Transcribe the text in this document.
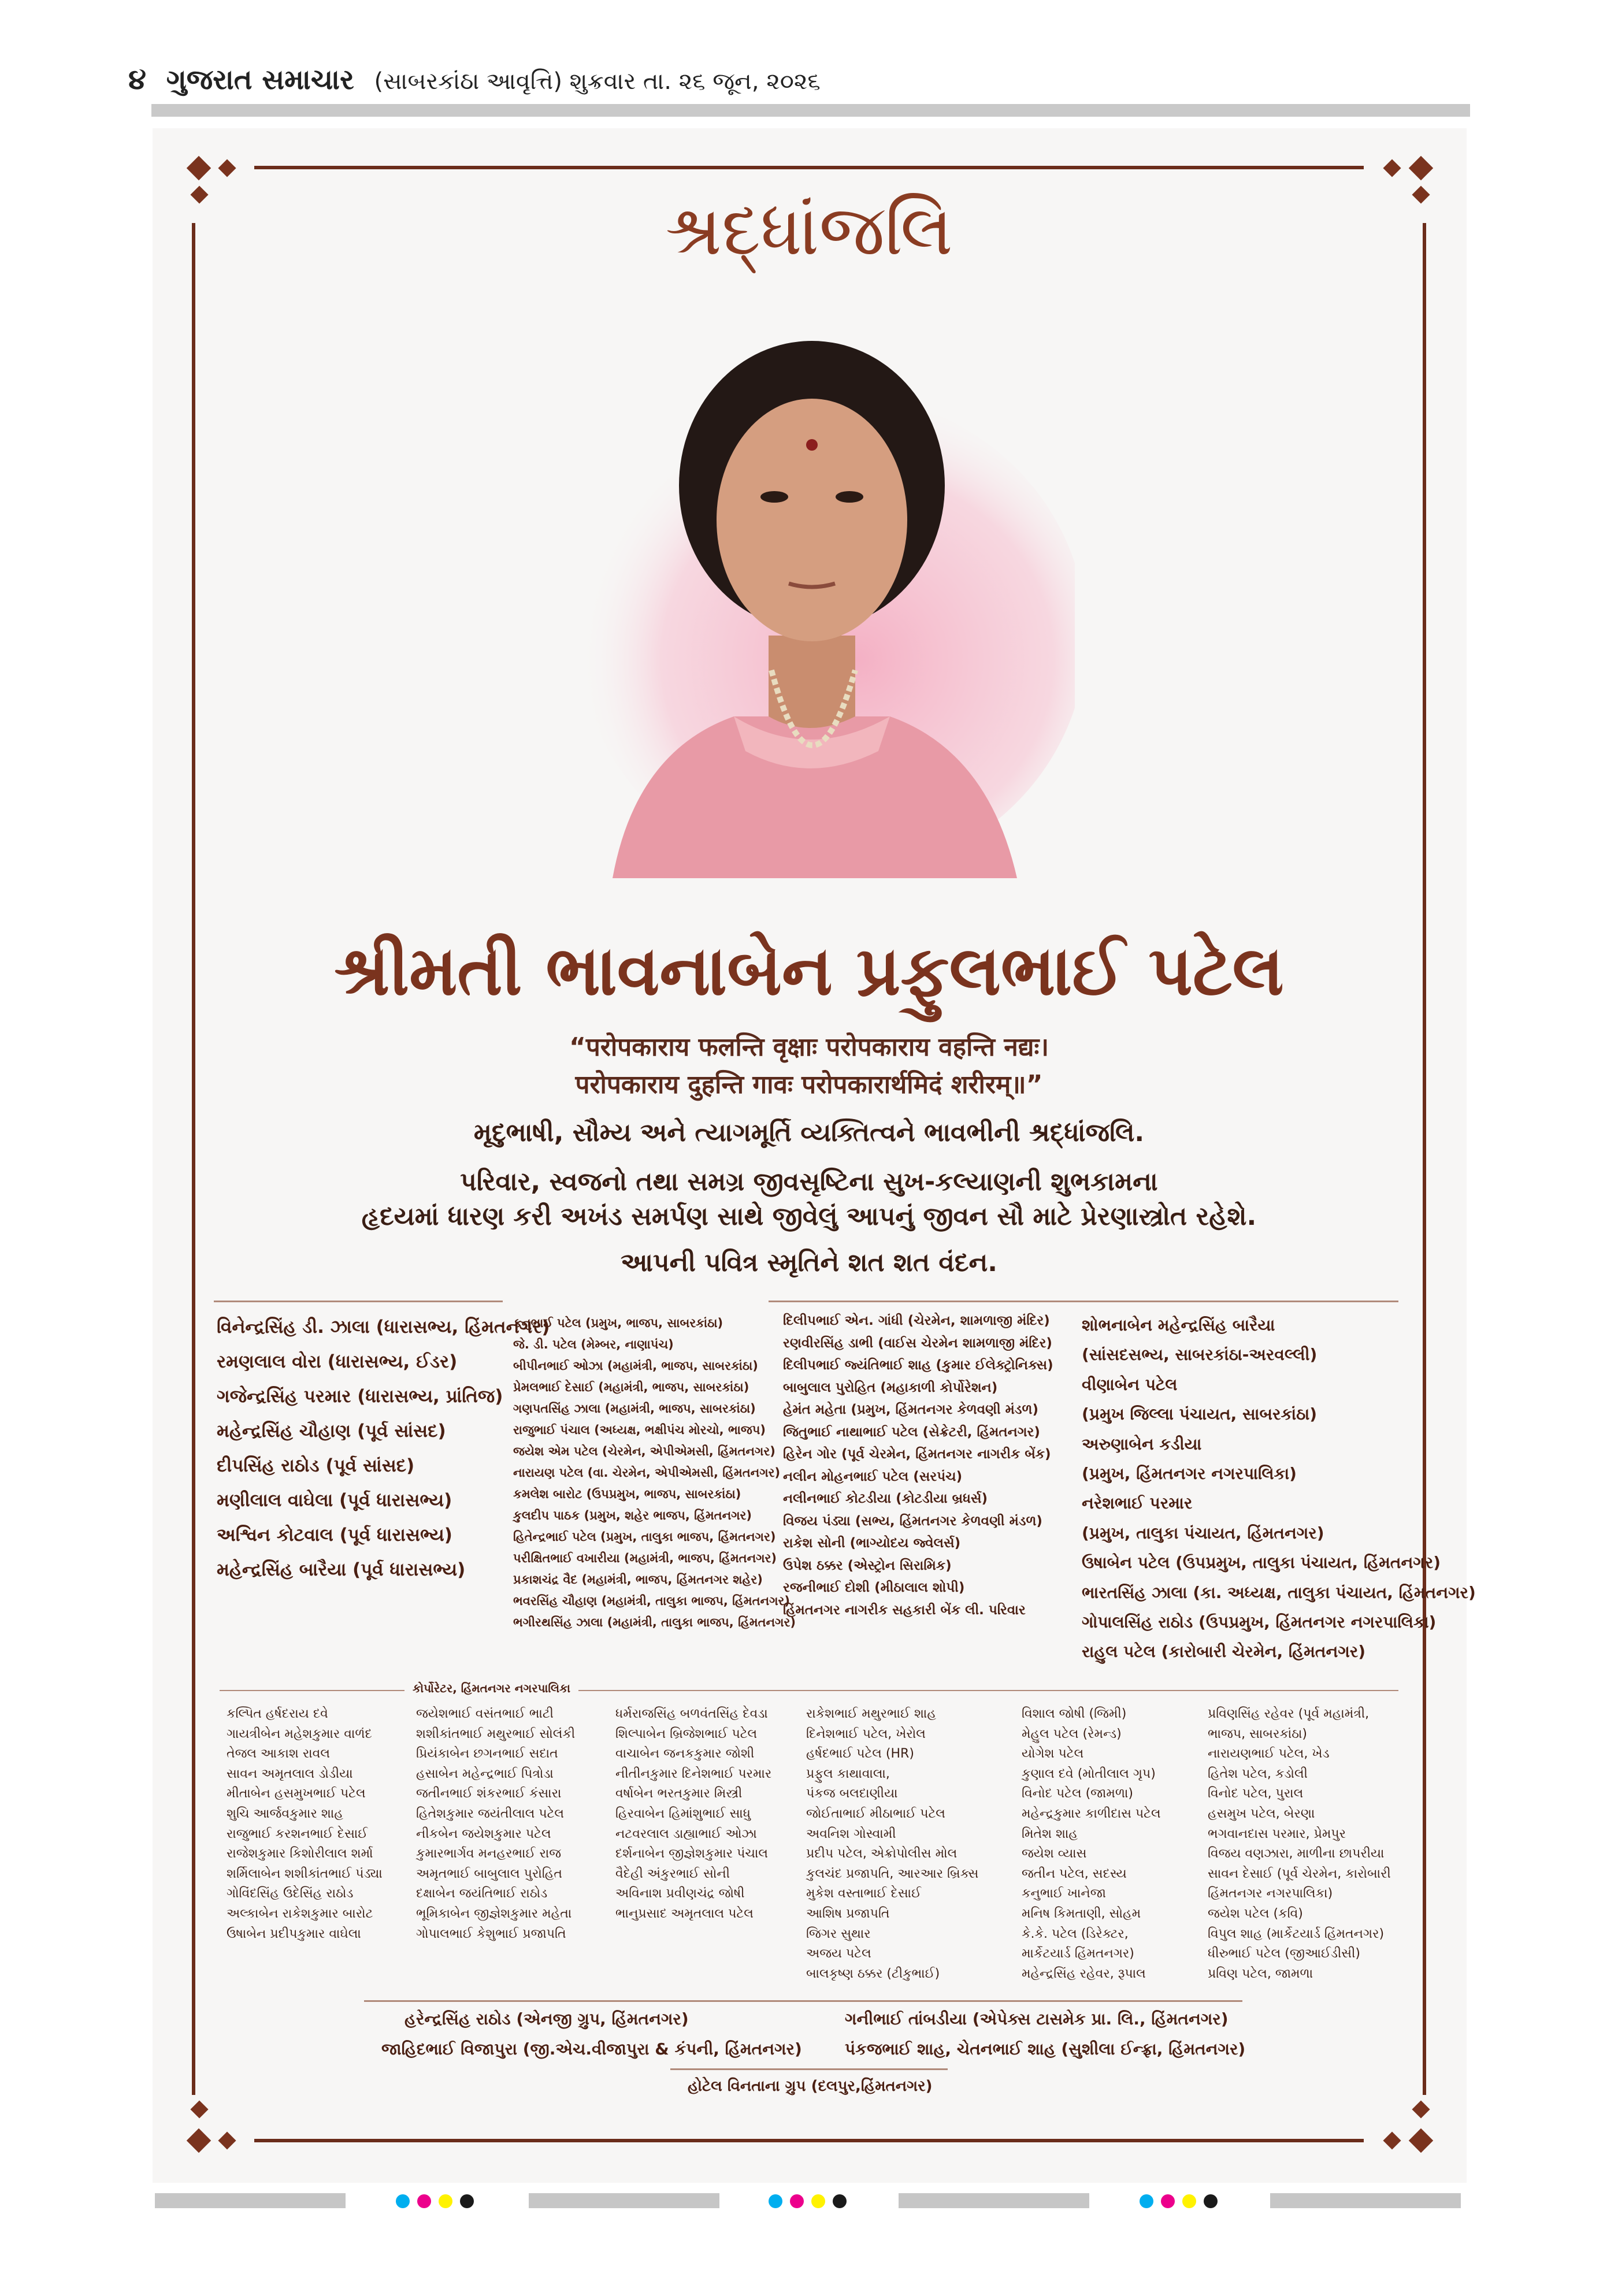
૪ ગુજરાત સમાચાર (સાબરકાંઠા આવૃત્તિ) શુક્રવાર તા. ૨૬ જૂન, ૨૦૨૬
શ્રદ્ધાંજલિ
શ્રીમતી ભાવનાબેન પ્રફુલભાઈ પટેલ
“परोपकाराय फलन्ति वृक्षाः परोपकाराय वहन्ति नद्यः।
परोपकाराय दुहन्ति गावः परोपकारार्थमिदं शरीरम्॥”
મૃદુભાષી, સૌમ્ય અને ત્યાગમૂર્તિ વ્યક્તિત્વને ભાવભીની શ્રદ્ધાંજલિ.
પરિવાર, સ્વજનો તથા સમગ્ર જીવસૃષ્ટિના સુખ-કલ્યાણની શુભકામના
હૃદયમાં ધારણ કરી અખંડ સમર્પણ સાથે જીવેલું આપનું જીવન સૌ માટે પ્રેરણાસ્ત્રોત રહેશે.
આપની પવિત્ર સ્મૃતિને શત શત વંદન.
વિનેન્દ્રસિંહ ડી. ઝાલા (ધારાસભ્ય, હિંમતનગર)
રમણલાલ વોરા (ધારાસભ્ય, ઈડર)
ગજેન્દ્રસિંહ પરમાર (ધારાસભ્ય, પ્રાંતિજ)
મહેન્દ્રસિંહ ચૌહાણ (પૂર્વ સાંસદ)
દીપસિંહ રાઠોડ (પૂર્વ સાંસદ)
મણીલાલ વાઘેલા (પૂર્વ ધારાસભ્ય)
અશ્વિન કોટવાલ (પૂર્વ ધારાસભ્ય)
મહેન્દ્રસિંહ બારૈયા (પૂર્વ ધારાસભ્ય)
કનુભાઈ પટેલ (પ્રમુખ, ભાજપ, સાબરકાંઠા)
જે. ડી. પટેલ (મેમ્બર, નાણાપંચ)
બીપીનભાઈ ઓઝા (મહામંત્રી, ભાજપ, સાબરકાંઠા)
પ્રેમલભાઈ દેસાઈ (મહામંત્રી, ભાજપ, સાબરકાંઠા)
ગણપતસિંહ ઝાલા (મહામંત્રી, ભાજપ, સાબરકાંઠા)
રાજુભાઈ પંચાલ (અધ્યક્ષ, ભક્ષીપંચ મોરચો, ભાજપ)
જયેશ એમ પટેલ (ચેરમેન, એપીએમસી, હિંમતનગર)
નારાયણ પટેલ (વા. ચેરમેન, એપીએમસી, હિંમતનગર)
કમલેશ બારોટ (ઉપપ્રમુખ, ભાજપ, સાબરકાંઠા)
કુલદીપ પાઠક (પ્રમુખ, શહેર ભાજપ, હિંમતનગર)
હિતેન્દ્રભાઈ પટેલ (પ્રમુખ, તાલુકા ભાજપ, હિંમતનગર)
પરીક્ષિતભાઈ વખારીયા (મહામંત્રી, ભાજપ, હિંમતનગર)
પ્રકાશચંદ્ર વૈદ (મહામંત્રી, ભાજપ, હિંમતનગર શહેર)
ભવરસિંહ ચૌહાણ (મહામંત્રી, તાલુકા ભાજપ, હિંમતનગર)
ભગીરથસિંહ ઝાલા (મહામંત્રી, તાલુકા ભાજપ, હિંમતનગર)
દિલીપભાઈ એન. ગાંધી (ચેરમેન, શામળાજી મંદિર)
રણવીરસિંહ ડાભી (વાઈસ ચેરમેન શામળાજી મંદિર)
દિલીપભાઈ જ્યંતિભાઈ શાહ (કુમાર ઈલેક્ટ્રોનિક્સ)
બાબુલાલ પુરોહિત (મહાકાળી કોર્પોરેશન)
હેમંત મહેતા (પ્રમુખ, હિંમતનગર કેળવણી મંડળ)
જિતુભાઈ નાથાભાઈ પટેલ (સેક્રેટરી, હિંમતનગર)
હિરેન ગોર (પૂર્વ ચેરમેન, હિંમતનગર નાગરીક બેંક)
નલીન મોહનભાઈ પટેલ (સરપંચ)
નલીનભાઈ કોટડીયા (કોટડીયા બ્રધર્સ)
વિજય પંડ્યા (સભ્ય, હિંમતનગર કેળવણી મંડળ)
રાકેશ સોની (ભાગ્યોદય જ્વેલર્સ)
ઉપેશ ઠક્કર (એસ્ટ્રોન સિરામિક)
રજનીભાઈ દોશી (મીઠાલાલ શોપી)
હિંમતનગર નાગરીક સહકારી બેંક લી. પરિવાર
શોભનાબેન મહેન્દ્રસિંહ બારૈયા
(સાંસદસભ્ય, સાબરકાંઠા-અરવલ્લી)
વીણાબેન પટેલ
(પ્રમુખ જિલ્લા પંચાયત, સાબરકાંઠા)
અરુણાબેન કડીયા
(પ્રમુખ, હિંમતનગર નગરપાલિકા)
નરેશભાઈ પરમાર
(પ્રમુખ, તાલુકા પંચાયત, હિંમતનગર)
ઉષાબેન પટેલ (ઉપપ્રમુખ, તાલુકા પંચાયત, હિંમતનગર)
ભારતસિંહ ઝાલા (કા. અધ્યક્ષ, તાલુકા પંચાયત, હિંમતનગર)
ગોપાલસિંહ રાઠોડ (ઉપપ્રમુખ, હિંમતનગર નગરપાલિકા)
રાહુલ પટેલ (કારોબારી ચેરમેન, હિંમતનગર)
કોર્પોરેટર, હિંમતનગર નગરપાલિકા
કલ્પિત હર્ષદરાય દવે
ગાયત્રીબેન મહેશકુમાર વાળંદ
તેજલ આકાશ રાવલ
સાવન અમૃતલાલ ડોડીયા
મીતાબેન હસમુખભાઈ પટેલ
શુચિ આર્જવકુમાર શાહ
રાજુભાઈ કરશનભાઈ દેસાઈ
રાજેશકુમાર કિશોરીલાલ શર્મા
શર્મિલાબેન શશીકાંતભાઈ પંડ્યા
ગોવિંદસિંહ ઉદેસિંહ રાઠોડ
અલ્કાબેન રાકેશકુમાર બારોટ
ઉષાબેન પ્રદીપકુમાર વાઘેલા
જયેશભાઈ વસંતભાઈ ભાટી
શશીકાંતભાઈ મથુરભાઈ સોલંકી
પ્રિયંકાબેન છગનભાઈ સદાત
હસાબેન મહેન્દ્રભાઈ પિત્રોડા
જતીનભાઈ શંકરભાઈ કંસારા
હિતેશકુમાર જયંતીલાલ પટેલ
નીકબેન જયેશકુમાર પટેલ
કુમારભાર્ગવ મનહરભાઈ રાજ
અમૃતભાઈ બાબુલાલ પુરોહિત
દક્ષાબેન જયંતિભાઈ રાઠોડ
ભૂમિકાબેન જીજ્ઞેશકુમાર મહેતા
ગોપાલભાઈ કેશુભાઈ પ્રજાપતિ
ધર્મરાજસિંહ બળવંતસિંહ દેવડા
શિલ્પાબેન બ્રિજેશભાઈ પટેલ
વાચાબેન જનકકુમાર જોશી
નીતીનકુમાર દિનેશભાઈ પરમાર
વર્ષાબેન ભરતકુમાર મિસ્ત્રી
હિરવાબેન હિમાંશુભાઈ સાધુ
નટવરલાલ ડાહ્યાભાઈ ઓઝા
દર્શનાબેન જીજ્ઞેશકુમાર પંચાલ
વૈદેહી અંકુરભાઈ સોની
અવિનાશ પ્રવીણચંદ્ર જોષી
ભાનુપ્રસાદ અમૃતલાલ પટેલ
રાકેશભાઈ મથુરભાઈ શાહ
દિનેશભાઈ પટેલ, ખેરોલ
હર્ષદભાઈ પટેલ (HR)
પ્રફુલ કાથાવાલા,
પંકજ બલદાણીયા
જોઈતાભાઈ મીઠાભાઈ પટેલ
અવનિશ ગોસ્વામી
પ્રદીપ પટેલ, એક્રોપોલીસ મોલ
કુલચંદ પ્રજાપતિ, આરઆર બ્રિક્સ
મુકેશ વસ્તાભાઈ દેસાઈ
આશિષ પ્રજાપતિ
જિગર સુથાર
અજય પટેલ
બાલકૃષ્ણ ઠક્કર (ટીકુભાઈ)
વિશાલ જોષી (જિમી)
મેહુલ પટેલ (રેમન્ડ)
યોગેશ પટેલ
કુણાલ દવે (મોતીલાલ ગૃપ)
વિનોદ પટેલ (જામળા)
મહેન્દ્રકુમાર કાળીદાસ પટેલ
મિતેશ શાહ
જયેશ વ્યાસ
જતીન પટેલ, સદસ્ય
કનુભાઈ ખાનેજા
મનિષ કિમતાણી, સોહમ
કે.કે. પટેલ (ડિરેક્ટર,
માર્કેટયાર્ડ હિંમતનગર)
મહેન્દ્રસિંહ રહેવર, રૂપાલ
પ્રવિણસિંહ રહેવર (પૂર્વ મહામંત્રી,
ભાજપ, સાબરકાંઠા)
નારાયણભાઈ પટેલ, ખેડ
હિતેશ પટેલ, કડોલી
વિનોદ પટેલ, પુરાલ
હસમુખ પટેલ, બેરણા
ભગવાનદાસ પરમાર, પ્રેમપુર
વિજય વણઝારા, માળીના છાપરીયા
સાવન દેસાઈ (પૂર્વ ચેરમેન, કારોબારી
હિંમતનગર નગરપાલિકા)
જયેશ પટેલ (કવિ)
વિપુલ શાહ (માર્કેટયાર્ડ હિંમતનગર)
ધીરુભાઈ પટેલ (જીઆઈડીસી)
પ્રવિણ પટેલ, જામળા
હરેન્દ્રસિંહ રાઠોડ (એનજી ગ્રુપ, હિંમતનગર)	ગનીભાઈ તાંબડીયા (એપેક્સ ટાસમેક પ્રા. લિ., હિંમતનગર)
જાહિદભાઈ વિજાપુરા (જી.એચ.વીજાપુરા & કંપની, હિંમતનગર)	પંકજભાઈ શાહ, ચેતનભાઈ શાહ (સુશીલા ઈન્ફ્રા, હિંમતનગર)
હોટેલ વિનતાના ગ્રુપ (દલપુર,હિંમતનગર)
